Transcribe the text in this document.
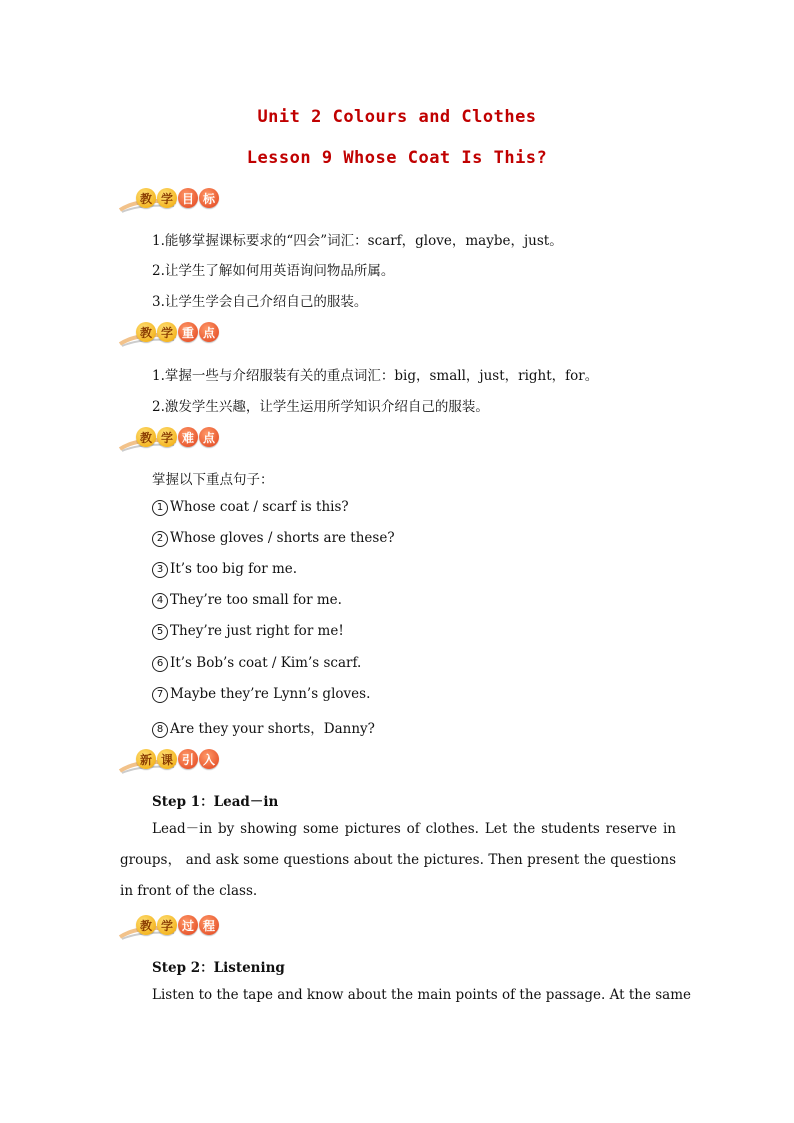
Unit 2 Colours and Clothes
Lesson 9 Whose Coat Is This?
教 学 目 标

1.能够掌握课标要求的“四会”词汇：scarf，glove，maybe，just。

2.让学生了解如何用英语询问物品所属。

3.让学生学会自己介绍自己的服装。

教 学 重 点

1.掌握一些与介绍服装有关的重点词汇：big，small，just，right，for。

2.激发学生兴趣，让学生运用所学知识介绍自己的服装。

教 学 难 点

掌握以下重点句子：

1 Whose coat / scarf is this?

2 Whose gloves / shorts are these?

3 It’s too big for me.

4 They’re too small for me.

5 They’re just right for me!

6 It’s Bob’s coat / Kim’s scarf.

7 Maybe they’re Lynn’s gloves.

8 Are they your shorts，Danny?

新 课 引 入

Step 1：Lead－in

Lead－in by showing some pictures of clothes. Let the students reserve in groups， and ask some questions about the pictures. Then present the questions in front of the class.

教 学 过 程

Step 2：Listening

Listen to the tape and know about the main points of the passage. At the same
